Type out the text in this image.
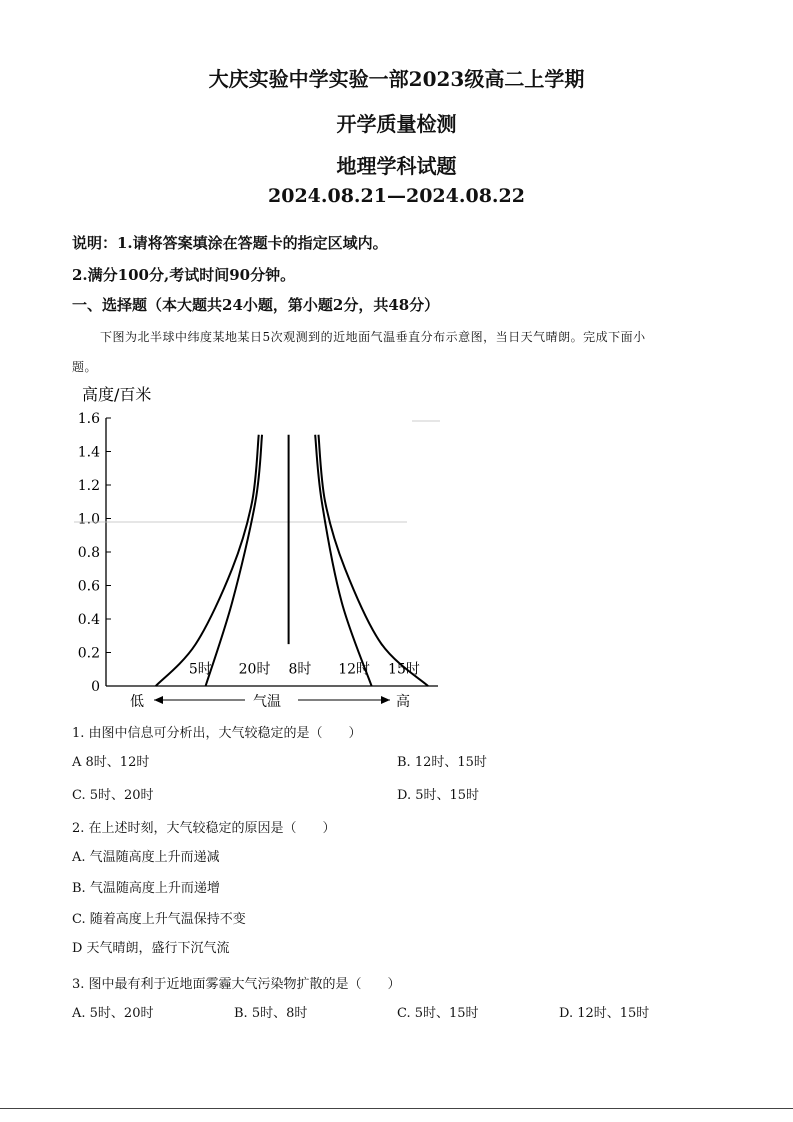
大庆实验中学实验一部2023级高二上学期
开学质量检测
地理学科试题
2024.08.21—2024.08.22
说明：1.请将答案填涂在答题卡的指定区域内。
2.满分100分,考试时间90分钟。
一、选择题（本大题共24小题，第小题2分，共48分）
下图为北半球中纬度某地某日5次观测到的近地面气温垂直分布示意图，当日天气晴朗。完成下面小
题。
高度/百米
0
0.2
0.4
0.6
0.8
1.0
1.2
1.4
1.6
5时 20时 8时 12时 15时
低	气温	高
1. 由图中信息可分析出，大气较稳定的是（　　）
A 8时、12时	B. 12时、15时
C. 5时、20时	D. 5时、15时
2. 在上述时刻，大气较稳定的原因是（　　）
A. 气温随高度上升而递减
B. 气温随高度上升而递增
C. 随着高度上升气温保持不变
D 天气晴朗，盛行下沉气流
3. 图中最有利于近地面雾霾大气污染物扩散的是（　　）
A. 5时、20时	B. 5时、8时	C. 5时、15时	D. 12时、15时
